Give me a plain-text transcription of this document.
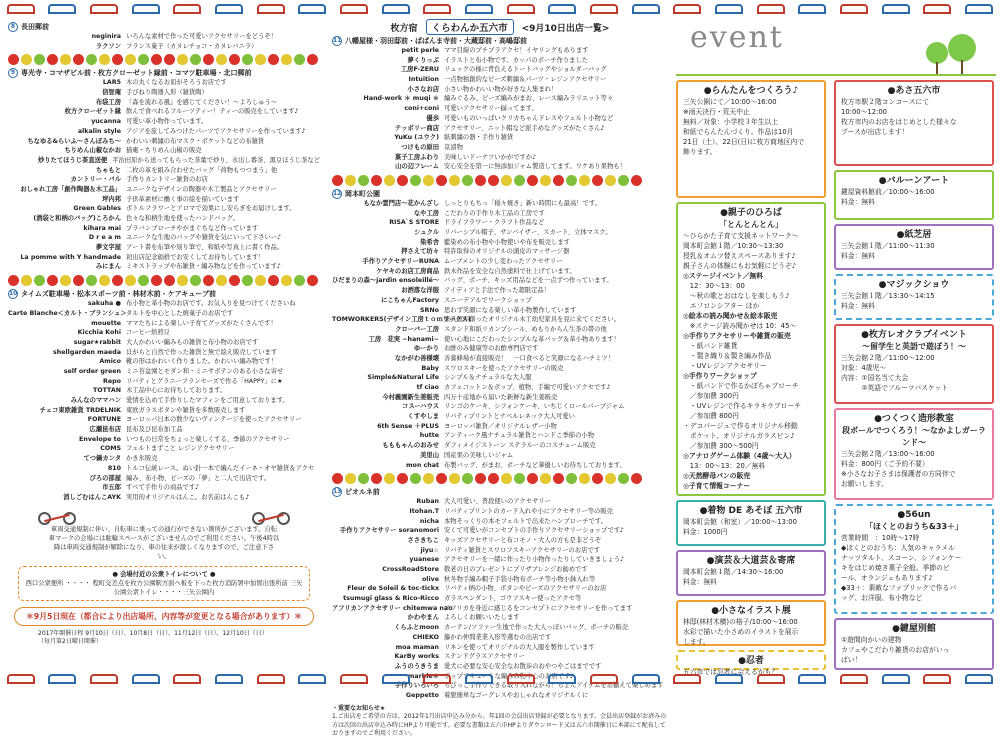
8 長田郵前
neginira いろんな素材で作った可愛いアクセサリーをどうぞ！
ラクソン フランス菓子（カヌレチョコ・カヌレバニラ）
9 専光寺・コマザビル前・枚方クローゼット縁前・コマツ駐車場・北口郵前
LAR5 木の丸くなるお皿がそろうお店です
信智庵 手びねり陶器人形（雑貨陶）
布袋工房 『森を流れる風』を感じてください！〜よろしゅう〜
枚方クローゼット縁 飲んで食べれるフルーツティー！ティーの販売をしています♪
yucanna 可愛い革小物作っています。
alkalin style アジアを旅してみつけたパーツでアクセサリーを作っています♪
ちなゆる&らいふ〜さんぽみち〜 かわいい刺繍の布マスク・ポケットなどの布雑貨
ちりめん山椒なかお 猫庵・ちりめん山椒の販売
炒りたてほうじ茶直送便 平治田原から送ってもらった茶葉で炒り、水出し番茶、黒豆ほうじ茶など
ちゃもと 二枚の革を組み合わせたバッグ「荷物もつつまう」他
カントリー・バル 手作りカントリー雑貨のお店
おしゃれ工房「創作陶器＆木工品」 ユニークなデザインの陶器や木工製品とアクセサリー
坪内邦 子供革素材に働く事の絵を描いています
Green Gables ボトルフラワーとアロマで効果にし安らぎをお届けします。
(酒袋と和柄のバッグ)ころかん 色々な和柄生地を使ったハンドバッグ。
kihara mai プラバンブローチやがまぐちなど作っています
D r e a m ユニークな生地のバッグや雑貨を気にいって下さいー♪
夢文字屋 アート書を布筆や刻り筆で、和紙や写真上に書く作品。
La pomme with Y handmade 初出店記念価格でお安くしてお待ちしています！
みにまん ミキストラップや布雑貨・編み物などを作っています♪
10 タイムズ駐車場・松本スポーツ前・林材木前・ケアキューブ前
sakuha ● 布小物と革小物のお店です。お気入りを見つけてくださいね
Carte Blanche＜カルト・ブランシュ＞ タルトを中心とした焼菓子のお店です
mouette ママたちによる楽しい子育てグッズがたくさんです！
Kicchia Kohi コーヒー焙煎豆
sugar★rabbit 大人かわいい編みもの雑貨と布小物のお店です
shellgarden maeda 貝がらと自然で作った雑貨と無で絵え販売しています
Amico 靴の形はかわいく作りました。かわいい編み物です！
self order green ミニ苔盆園とモダン和・ミニサボテンのある小さな寄せ
Repo リバティとグラニーフランセーズで作る「HAPPY」に★
TOTTAN 木工品中心にお待ちしております。
みんなのママハン 愛情を込めて手作りしたマフィンをご用意しております。
チェコ東欧雑貨 TRDELNIK 東欧ガラスボタンや雑貨を多数販売します
FORTUNE ヨーロッパ日本の数少ないヴィンテージを使ったアクセサリー
広瀬昆布店 昆布及び昆布加工品
Envelope to いつもの日常をちょっと楽しくする、季節のアクセサリー
COMS フェルトまずこと レジンアクセサリー
てつ鍋カンタ かき氷販売
810 トルコ伝統レース。ぬい針一本で編んだイーネ・オヤ雑貨＆アクセ
ぴろの部屋 編み、布小物、ビーズの「夢」と二人で出店です。
市五郎 すべて手作りの商品です♪
消しごむはんこAYK 実用的オリジナルはんこ。お名前はんこも♪
車両交通規制に伴い、自転車に乗っての通行ができない箇所がございます。自転車マークの会場には駐輪スペースがございませんのでご利用ください。午後4時以降は車両交通規制が解除になり、車の往来が激しくなりますので、ご注意下さい。
● 会場付近の公衆トイレについて ●
西口公衆便所 ・・・・ 程町交差点を枚方公園駅方面へ板を下った枚方消防署中加賀出張所前 三矢公園公衆トイレ・・・・三矢公園内
＊9月5日現在（都合により出店場所、内容等が変更となる場合があります）＊
2017年開催日程 9月10日（日）、10月8日（日）、11月12日（日）、12月10日（日）
（毎月第2日曜日開催）
枚方宿	くらわんか五六市	<9月10日出店一覧>
11 八幡屋様・羽田邸前・ぱぱんま寺前・大蔵邸前・高嶋邸前
petit perle ママ目線のプチプラアクセ！イヤリングもあります
夢くりっぷ イラストと布小物です。カッパのポーチ作りました
工房F-ZERU リュックの様に背負えるトートバッグやショルダーバッグ
Intuition 一点物独創的なビーズ刺繍＆パーツ・レジンアクセサリー
小さなお店 小さい物かわいい物が好きな人集まれ！
Hand-work ＊ muqi ＊ 編みぐるみ、ビーズ編みがまお、レース編みラリエット等々
coni+coni 可愛いアクセサリー揃ってます。
優歩 可愛いものいっぱいクリカちゃんドレスやフェルト小物など
テッポリー商店 アクセサリー、ニット帽など派手めなグッズがたくさん♪
YuKu (ユウク) 紙刺繍の器・手作り雑貨
つけもの原田 京漬物
菓子工房ふわり 美味しいドーナツいかがですか♪
山の辺フレーム 安心安全を第一に無添加ジャム製造してます。ワケあり果物も！
12 岡本町公園
もなか雲門店〜花かんざし しっとりもちっ「稲々焼き」新い時間にも最高！です。
なや工房 こだわりの手作り木工品の工房です
RISA`S STORE ドライフラワー・クラフト作品など
シュクル リバーシブル帽子、サンバイザー、スカート、立体マスク。
染希舎 藍染めの布小物や小物使いや布を販売します
押さえて坊々 特許取得のオリジナルの頭皮のマッサージ器
手作りアクセサリーRUNA ムーブメントの少し変わったアクセサリー
ケヤキのお店工房商品 鉄木作品を安全な自然塗料で仕上げています。
ひだまりの森〜jardin ensoleillé〜 バッグ、ポーチ、キッズ用品などを一点ずつ作っています。
お洒落な洋服 アイディアと手法で作った超限定品！
にこちゃんFactory スニーデアルでワークショップ
SRNo 思わず笑顔になる楽しい革小物製作しています
TOMWORKERS(デザイン工房ｔｏｍワークス)
家具屋が創ったオリジナル木工幼児家具を見に来てください。
クローバー工房 スタンド和紙リカンプシール、めもりからん生茶の帯の他
工房　花実 −hanami− 使い心地にこだわったシンプルな革バッグ＆革小物あります！
ゆーかり お酢のみ健康等のお酢専門店です
なかがわ善様壊 善養蜂場が直接販売！　一口食べると笑顔になるハチミツ！
Baby スワロスキーを使ったアクセサリーの販売
Simple&Natural Life シンプル＆ナチュラルな大人服
tf ciao カフェコットン＆ポップ、植物、手編で可愛いアクセです♪
今村義園新生姜販売 四万十産地から届いた新鮮な新生姜販売
コスーハウス リンゴのケーキ、シフォンケーキ、いちじくロールパーブジャム
くすやしま リバティプリントとナベルレネック大人可愛い
6th Sense ＋PLUS ヨーロッパ雑貨／オリジナルレザー小物
hutte アンティーク風ナチュラル雑貨とハンドこ季節の小物
もももゃんのおみせ ダフィメイジストーン ステラルーのコスチューム販売
美里山 国産果の美味しいジャム
mon chat 布製バッグ、がまお、ポーチなど華優しいお待ちしております。
13 ピオルネ前
Ruban 大人可愛い、普段使いのアクセサリー
Itohan.T リバティプリントのカード入れや小にアクセサリー等の販売
nicha 本物そっくりの本モフェルトで出来たハンブローチです。
手作りアクセサリー soranomori 安くて可愛いがコンセプトの手作りアクセサリーショップです♪
ささきちこ キッズアクセサリーと布コモノ・大人の方も是非どうぞ
jiyu☆ リバティ雑貨とスワロフスキーアクセサリーのお店です
yuanese アクセサリーを一緒に作ったり小物作ったりしていきましょう♪
CrossRoadStore 敬老の日のプレゼントにプリザブレンジお勧めです
olive 秋冬物手編み帽子手袋小物布ポーチ等小物小鉢入れ等
Fleur de Soleil & toc-tickx リバティ柄の小物、ボタンやビーズのアクセサリーのお店
tsumugi glass & Rico-Ricco ガラスペンダント、ゴウフスキー使ったアクセ等
アフリカンアクセサリー chitemwa nao
アフリカを身近に感じるをコンセプトにアクセサリーを作ってます
かわやまん よろしくお願いいたします
くらふとmoon カーテン/ソファー生地で作った大人っぽいバッグ、ポーチの販売
CHIEKO 籐かわ仲間業業入形等選むの出店です
moa maman リネンを使ってオリジナルの大人服を製作しています
KarBy works ステンドグラスアクセサリー
ふうのうきうま 愛犬に必要な安心安全なお散歩のおやつやごはまでです
marble＊ ポップでキュートな編みみ物中心のお店です♪
手作りいろいろ ちびっこ手作りできる取り入れながら！ちょんアイテムをお揃えて楽しめます
Geppetto 着脱簡単なゴーグレスやおしゃれなオリジナルくに
・重要なお知らせ★
1.ご出店をご希望の方は、2012年1月出店申込み分から、年1回の会員出店登録が必要となります。会員出店登録がお済みの方は次回の出店申込み時にHPより可能です。必要な書類は五六市HPよりダウンロード又は五六市開催日に本部にて配布しておりますのでご利用ください。
event
●らんたんをつくろう♪
三矢公園にて／10:00〜16:00
※雨天決行・荒天中止
無料／対象：小学校３年生以上
和紙でらんたんづくり。作品は10月
21日（土）、22日(日)に枚方商地区内で
飾ります。
●あさ五六市
枚方市駅２階コンコースにて
10:00〜12:00
枚方市内のお店をはじめとした様々な
ブースが出店します！
●バルーンアート
鍵屋資料館前／10:00〜16:00
料金：無料
●紙芝居
三矢会館１階／11:00〜11:30
料金：無料
●マジックショウ
三矢会館１階／13:30〜14:15
料金：無料
●枚方レオクラブイベント
〜留学生と英語で遊ぼう！〜
三矢会館２階／11:00〜12:00
対象：4歳児〜
内容：①国名当て大会
　　　②英語でフルーツバスケット
●つくつく造形教室
段ボールでつくろう！〜なかよしガーランド〜
三矢会館２階／13:00〜16:00
料金：800円（ご予約不要）
※小さなお子さまは保護者の方同伴で
お願いします。
●親子のひろば
「とんとんとん」
〜ひらかた子育て支援ネットワーク〜
岡本町会館１階／10:30〜13:30
授乳＆オムツ替えスペースあります♪
親子さんの体験にもお気軽にどうぞ♪
◎ステージイベント／無料
　12：30〜13：00
　〜秋の歌とおはなしを楽しもう♪
　エフロンシアター ほか
◎絵本の読み聞かせ＆絵本販売
　※ステージ読み聞かせは 10：45〜
◎手作りアクセサリーや雑貨の販売
　・紙バンド雑貨
　・製き織り＆製き編み作品
　・UVレジンアクセサリー
◎手作りワークショップ
　・紙バンドで作るかぼちゃブローチ
　／参加費 300円
　・UVレジンで作るキラキラブローチ
　／参加費 800円
・デコパージュで作るオリジナル移動
　ポケット、オリジナルガラスビン♪
　／参加費 300〜500円
◎アナログゲーム体験（4歳〜大人）
　13：00〜13：20／無料
◎天然酵母パンの販売
◎子育て情報コーナー
●着物 DE あそぼ 五六市
岡本町会館（和室）／10:00〜13:00
料金：1000円
●演芸＆大道芸＆寄席
岡本町会館１階／14:30〜16:00
料金：無料
●小さなイラスト展
林邸(林材木横)の格子/10:00〜16:00
水彩で描いた小さめのイラストを展示
します。
●忍者
五六市では忍者に会えるかも？
●56un
「ほくとのおうち&33＋」
営業時間　：10時〜17時
◆ほくとのおうち：人気のキャラメル
ナッツタルト、スコーン、シフォンケー
キをはじめ焼き菓子全般。季節のビ
ール、オランジェもあります♪
◆33＋：素敵なファブリックで作るバ
ッグ、お洋服、布小物など
●鍵屋別館
①遊間向かいの建物
カフェやこだわり雑貨のお店がいっ
ぱい！
